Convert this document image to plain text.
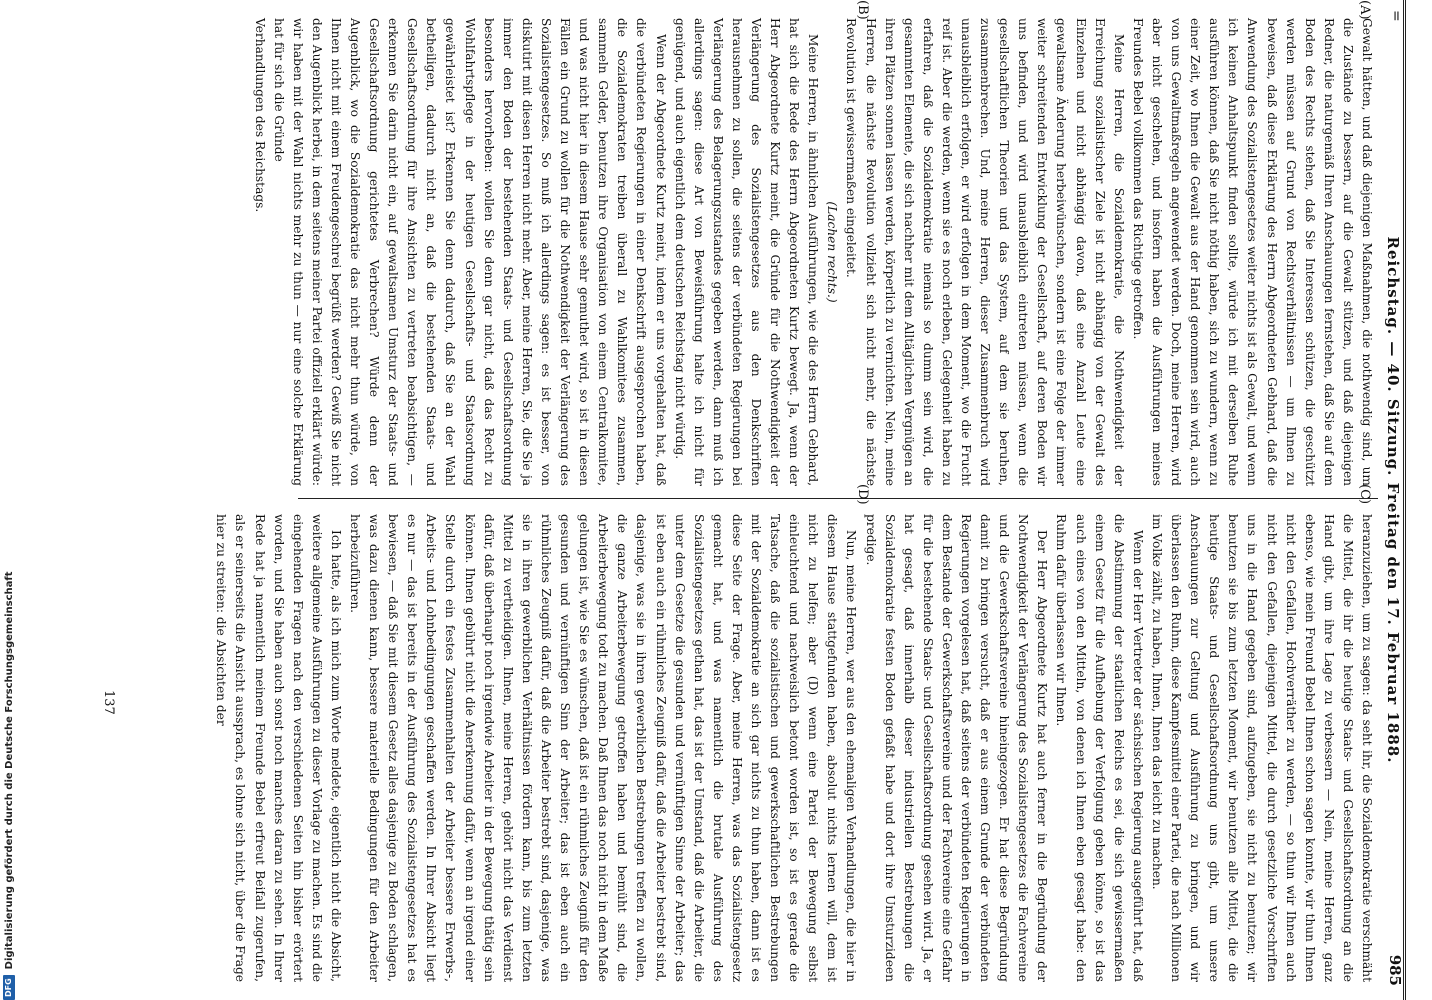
=
Reichstag. — 40. Sitzung. Freitag den 17. Februar 1888.
985
(A)
(B)
(C)
(D)

Gewalt hätten, und daß diejenigen Maßnahmen, die nothwendig sind, um die Zustände zu bessern, auf die Gewalt stützen, und daß diejenigen Redner, die naturgemäß Ihren Anschauungen fernstehen, daß Sie auf dem Boden des Rechts stehen, daß Sie Interessen schützen, die geschützt werden müssen auf Grund von Rechtsverhältnissen — um Ihnen zu beweisen, daß diese Erklärung des Herrn Abgeordneten Gebhard, daß die Anwendung des Sozialistengesetzes weiter nichts ist als Gewalt, und wenn ich keinen Anhaltspunkt finden sollte, würde ich mit derselben Ruhe ausführen können, daß Sie nicht nöthig haben, sich zu wundern, wenn zu einer Zeit, wo Ihnen die Gewalt aus der Hand genommen sein wird, auch von uns Gewaltmaßregeln angewendet werden. Doch, meine Herren, wird aber nicht geschehen, und insofern haben die Ausführungen meines Freundes Bebel vollkommen das Richtige getroffen.

Meine Herren, die Sozialdemokratie, die Nothwendigkeit der Erreichung sozialistischer Ziele ist nicht abhängig von der Gewalt des Einzelnen und nicht abhängig davon, daß eine Anzahl Leute eine gewaltsame Änderung herbeiwünschen, sondern ist eine Folge der immer weiter schreitenden Entwicklung der Gesellschaft, auf deren Boden wir uns befinden, und wird unausbleiblich eintreten müssen, wenn die gesellschaftlichen Theorien und das System, auf dem sie beruhen, zusammenbrechen. Und, meine Herren, dieser Zusammenbruch wird unausbleiblich erfolgen, er wird erfolgen in dem Moment, wo die Frucht reif ist. Aber die werden, wenn sie es noch erleben, Gelegenheit haben zu erfahren, daß die Sozialdemokratie niemals so dumm sein wird, die gesammten Elemente, die sich nachher mit dem Alltäglichen Vergnügen an ihren Plätzen sonnen lassen werden, körperlich zu vernichten. Nein, meine Herren, die nächste Revolution vollzieht sich nicht mehr, die nächste Revolution ist gewissermaßen eingeleitet.

(Lachen rechts.)

Meine Herren, in ähnlichen Ausführungen, wie die des Herrn Gebhard, hat sich die Rede des Herrn Abgeordneten Kurtz bewegt. Ja, wenn der Herr Abgeordnete Kurtz meint, die Gründe für die Nothwendigkeit der Verlängerung des Sozialistengesetzes aus den Denkschriften herausnehmen zu sollen, die seitens der verbündeten Regierungen bei Verlängerung des Belagerungszustandes gegeben werden, dann muß ich allerdings sagen: diese Art von Beweisführung halte ich nicht für genügend, und auch eigentlich dem deutschen Reichstag nicht würdig.

Wenn der Abgeordnete Kurtz meint, indem er uns vorgehalten hat, daß die verbündeten Regierungen in einer Denkschrift ausgesprochen haben, die Sozialdemokraten treiben überall zu Wahlkomitees zusammen, sammeln Gelder, benutzen ihre Organisation von einem Centralkomitee, und was nicht hier in diesem Hause sehr gemuthet wird, so ist in diesen Fällen ein Grund zu wollen für die Nothwendigkeit der Verlängerung des Sozialistengesetzes. So muß ich allerdings sagen: es ist besser, von diskutirt mit diesen Herren nicht mehr. Aber, meine Herren, Sie, die Sie ja immer den Boden der bestehenden Staats- und Gesellschaftsordnung besonders hervorheben: wollen Sie denn gar nicht, daß das Recht zu Wohlfahrtspflege in der heutigen Gesellschafts- und Staatsordnung gewährleistet ist? Erkennen Sie denn dadurch, daß Sie an der Wahl betheiligen, dadurch nicht an, daß die bestehenden Staats- und Gesellschaftsordnung für ihre Ansichten zu vertreten beabsichtigen, — erkennen Sie darin nicht ein, auf gewaltsamen Umsturz der Staats- und Gesellschaftsordnung gerichtetes Verbrechen? Würde denn der Augenblick, wo die Sozialdemokratie das nicht mehr thun würde, von Ihnen nicht mit einem Freudengeschrei begrüßt werden? Gewiß Sie nicht den Augenblick herbei, in dem seitens meiner Partei offiziell erklärt würde: wir haben mit der Wahl nichts mehr zu thun — nur eine solche Erklärung hat für sich die Gründe

Verhandlungen des Reichstags.

heranzuziehen, um zu sagen: da seht ihr, die Sozialdemokratie verschmäht die Mittel, die ihr die heutige Staats- und Gesellschaftsordnung an die Hand gibt, um ihre Lage zu verbessern — Nein, meine Herren, ganz ebenso, wie mein Freund Bebel Ihnen schon sagen konnte, wir thun Ihnen nicht den Gefallen, Hochverräther zu werden, — so thun wir Ihnen auch nicht den Gefallen, diejenigen Mittel, die durch gesetzliche Vorschriften uns in die Hand gegeben sind, aufzugeben, sie nicht zu benutzen; wir benutzen sie bis zum letzten Moment, wir benutzen alle Mittel, die die heutige Staats- und Gesellschaftsordnung uns gibt, um unsere Anschauungen zur Geltung und Ausführung zu bringen, und wir überlassen den Ruhm, diese Kampfesmittel einer Partei, die nach Millionen im Volke zählt, zu haben, Ihnen, Ihnen das leicht zu machen.

Wenn der Herr Vertreter der sächsischen Regierung ausgeführt hat, daß die Abstimmung der staatlichen Reichs es sei, die sich gewissermaßen einem Gesetz für die Aufhebung der Verfolgung geben könne, so ist das auch eines von den Mitteln, von denen ich Ihnen eben gesagt habe: den Ruhm dafür überlassen wir Ihnen.

Der Herr Abgeordnete Kurtz hat auch ferner in die Begründung der Nothwendigkeit der Verlängerung des Sozialistengesetzes die Fachvereine und die Gewerkschaftsvereine hineingezogen. Er hat diese Begründung damit zu bringen versucht, daß er aus einem Grunde der verbündeten Regierungen vorgelesen hat, daß seitens der verbündeten Regierungen in dem Bestande der Gewerkschaftsvereine und der Fachvereine eine Gefahr für die bestehende Staats- und Gesellschaftsordnung gesehen wird. Ja, er hat gesagt, daß innerhalb dieser industriellen Bestrebungen die Sozialdemokratie festen Boden gefaßt habe und dort ihre Umsturzideen predige.

Nun, meine Herren, wer aus den ehemaligen Verhandlungen, die hier in diesem Hause stattgefunden haben, absolut nichts lernen will, dem ist nicht zu helfen; aber (D) wenn eine Partei der Bewegung selbst einleuchtend und nachweislich betont worden ist, so ist es gerade die Tatsache, daß die sozialistischen und gewerkschaftlichen Bestrebungen mit der Sozialdemokratie an sich gar nichts zu thun haben, dann ist es diese Seite der Frage. Aber, meine Herren, was das Sozialistengesetz gemacht hat, und was namentlich die brutale Ausführung des Sozialistengesetzes gethan hat, das ist der Umstand, daß die Arbeiter, die unter dem Gesetze die gesunden und vernünftigen Sinne der Arbeiter; das ist eben auch ein rühmliches Zeugniß dafür, daß die Arbeiter bestrebt sind, dasjenige, was sie in ihren gewerblichen Bestrebungen treffen zu wollen, die ganze Arbeiterbewegung getroffen haben und bemüht sind, die Arbeiterbewegung todt zu machen. Daß Ihnen das noch nicht in dem Maße gelungen ist, wie Sie es wünschen, daß ist ein rühmliches Zeugniß für den gesunden und vernünftigen Sinn der Arbeiter; das ist eben auch ein rühmliches Zeugniß dafür, daß die Arbeiter bestrebt sind, dasjenige, was sie in ihren gewerblichen Verhältnissen fördern kann, bis zum letzten Mittel zu vertheidigen. Ihnen, meine Herren, gehört nicht das Verdienst dafür, daß überhaupt noch irgendwie Arbeiter in der Bewegung thätig sein können. Ihnen gebührt nicht die Anerkennung dafür, wenn an irgend einer Stelle durch ein festes Zusammenhalten der Arbeiter bessere Erwerbs-, Arbeits- und Lohnbedingungen geschaffen werden. In Ihrer Absicht liegt es nur — das ist bereits in der Ausführung des Sozialistengesetzes hat es bewiesen, — daß Sie mit diesem Gesetz alles dasjenige zu Boden schlagen, was dazu dienen kann, bessere materielle Bedingungen für den Arbeiter herbeizuführen.

Ich hatte, als ich mich zum Worte meldete, eigentlich nicht die Absicht, weitere allgemeine Ausführungen zu dieser Vorlage zu machen. Es sind die eingehenden Fragen nach den verschiedenen Seiten hin bisher erörtert worden, und Sie haben auch sonst noch manches daran zu sehen. In Ihrer Rede hat ja namentlich meinem Freunde Bebel erfreut Beifall zugerufen, als er seinerseits die Ansicht aussprach, es lohne sich nicht, über die Frage hier zu streiten: die Absichten der

137
DFG
Digitalisierung gefördert durch die Deutsche Forschungsgemeinschaft
